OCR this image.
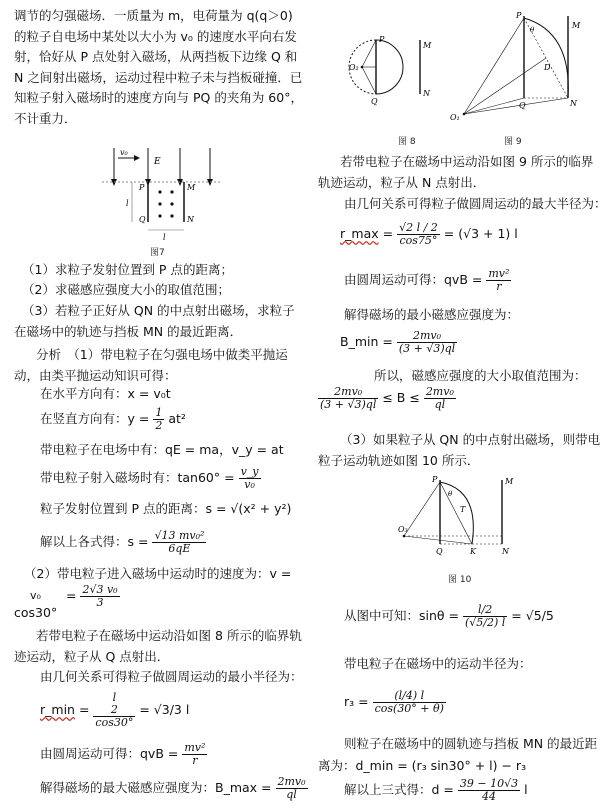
调节的匀强磁场．一质量为 m，电荷量为 q(q＞0) 的粒子自电场中某处以大小为 v₀ 的速度水平向右发射，恰好从 P 点处射入磁场，从两挡板下边缘 Q 和 N 之间射出磁场，运动过程中粒子未与挡板碰撞．已知粒子射入磁场时的速度方向与 PQ 的夹角为 60°，不计重力．
v₀
E
l
P	M
Q	N
l
图7
（1）求粒子发射位置到 P 点的距离；
（2）求磁感应强度大小的取值范围；
（3）若粒子正好从 QN 的中点射出磁场，求粒子在磁场中的轨迹与挡板 MN 的最近距离．
分析　（1）带电粒子在匀强电场中做类平抛运动，由类平抛运动知识可得：
在水平方向有：x = v₀t
在竖直方向有：$y = \frac{1}{2} at^2$
带电粒子在电场中有：qE = ma，v_y = at
带电粒子射入磁场时有：$\tan 60^\circ = \frac{v\_y}{\text{v₀}}$
粒子发射位置到 P 点的距离：s = √(x² + y²)
解以上各式得：$s = \frac{\text{√13 mv₀²}}{6qE}$
（2）带电粒子进入磁场中运动时的速度为：v =
$v_0 = \frac{\text{2√3 v₀}}{3}$
cos30°
若带电粒子在磁场中运动沿如图 8 所示的临界轨迹运动，粒子从 Q 点射出．
由几何关系可得粒子做圆周运动的最小半径为：
r_min =
l
2
cos30°
= √3/3 l
由圆周运动可得：qvB = $\frac{\text{mv²}}{r}$
解得磁场的最大磁感应强度为：B_max = $\frac{\text{2mv₀}}{ql}$
P
Q
M
N
O₂
图 8
P
M
Q	N
D
O₁
θ
图 9
若带电粒子在磁场中运动沿如图 9 所示的临界轨迹运动，粒子从 N 点射出．
由几何关系可得粒子做圆周运动的最大半径为：
r_max = $\frac{√2 l / 2}{\cos 75^\circ} = (√3 + 1)$ l
由圆周运动可得：qvB = $\frac{\text{mv²}}{r}$
解得磁场的最小磁感应强度为：
B_min = $\frac{\text{2mv₀}}{(3 + √3)ql}$
所以，磁感应强度的大小取值范围为：
$\frac{\text{2mv₀}}{(3 + √3)ql} \le B \le \frac{\text{2mv₀}}{ql}$
（3）如果粒子从 QN 的中点射出磁场，则带电粒子运动轨迹如图 10 所示．
P	M
T
O₃
θ
Q	K	N
图 10
从图中可知：$\sin\theta = \frac{l/2}{(√5/2) l} = √5/5$
带电粒子在磁场中的运动半径为：
$r_3 = \frac{(l/4) l}{\cos(30^\circ + \theta)}$
则粒子在磁场中的圆轨迹与挡板 MN 的最近距
离为：d_min = (r₃ sin30° + l) − r₃
解以上三式得：$d = \frac{39 - 10√3}{44}$ l
